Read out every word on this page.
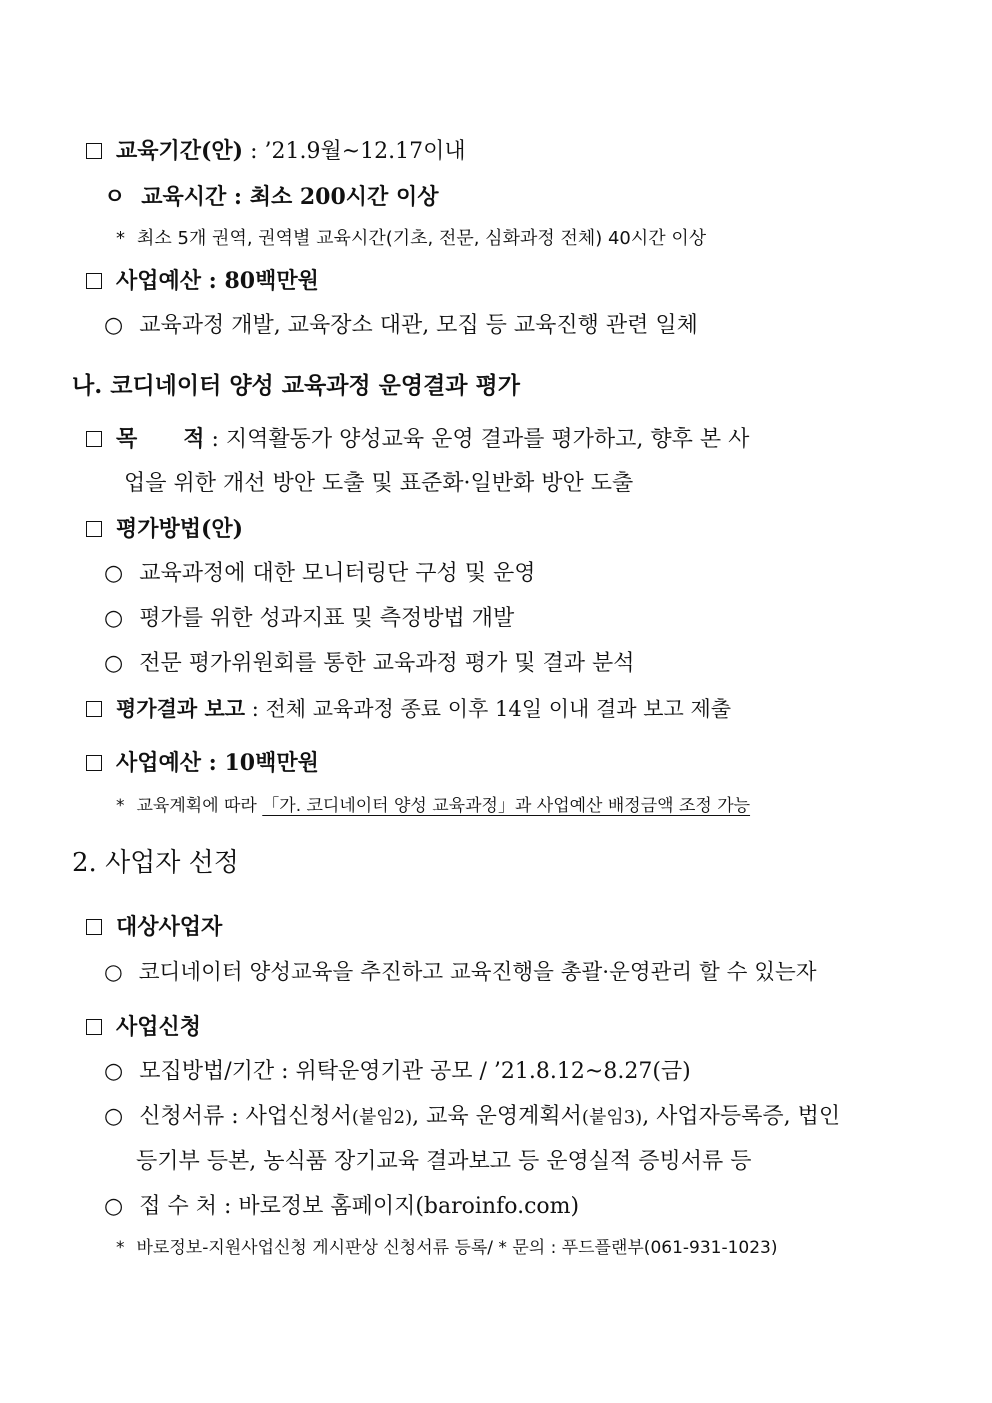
교육기간(안) : ’21.9월~12.17이내
ㅇ 교육시간 : 최소 200시간 이상
* 최소 5개 권역, 권역별 교육시간(기초, 전문, 심화과정 전체) 40시간 이상
사업예산 : 80백만원
○ 교육과정 개발, 교육장소 대관, 모집 등 교육진행 관련 일체
나. 코디네이터 양성 교육과정 운영결과 평가
목      적 : 지역활동가 양성교육 운영 결과를 평가하고, 향후 본 사
업을 위한 개선 방안 도출 및 표준화·일반화 방안 도출
평가방법(안)
○ 교육과정에 대한 모니터링단 구성 및 운영
○ 평가를 위한 성과지표 및 측정방법 개발
○ 전문 평가위원회를 통한 교육과정 평가 및 결과 분석
평가결과 보고 : 전체 교육과정 종료 이후 14일 이내 결과 보고 제출
사업예산 : 10백만원
* 교육계획에 따라 「가. 코디네이터 양성 교육과정」과 사업예산 배정금액 조정 가능
2. 사업자 선정
대상사업자
○ 코디네이터 양성교육을 추진하고 교육진행을 총괄·운영관리 할 수 있는자
사업신청
○ 모집방법/기간 : 위탁운영기관 공모 / ’21.8.12~8.27(금)
○ 신청서류 : 사업신청서(붙임2), 교육 운영계획서(붙임3), 사업자등록증, 법인
등기부 등본, 농식품 장기교육 결과보고 등 운영실적 증빙서류 등
○ 접 수 처 : 바로정보 홈페이지(baroinfo.com)
* 바로정보-지원사업신청 게시판상 신청서류 등록/ * 문의 : 푸드플랜부(061-931-1023)
